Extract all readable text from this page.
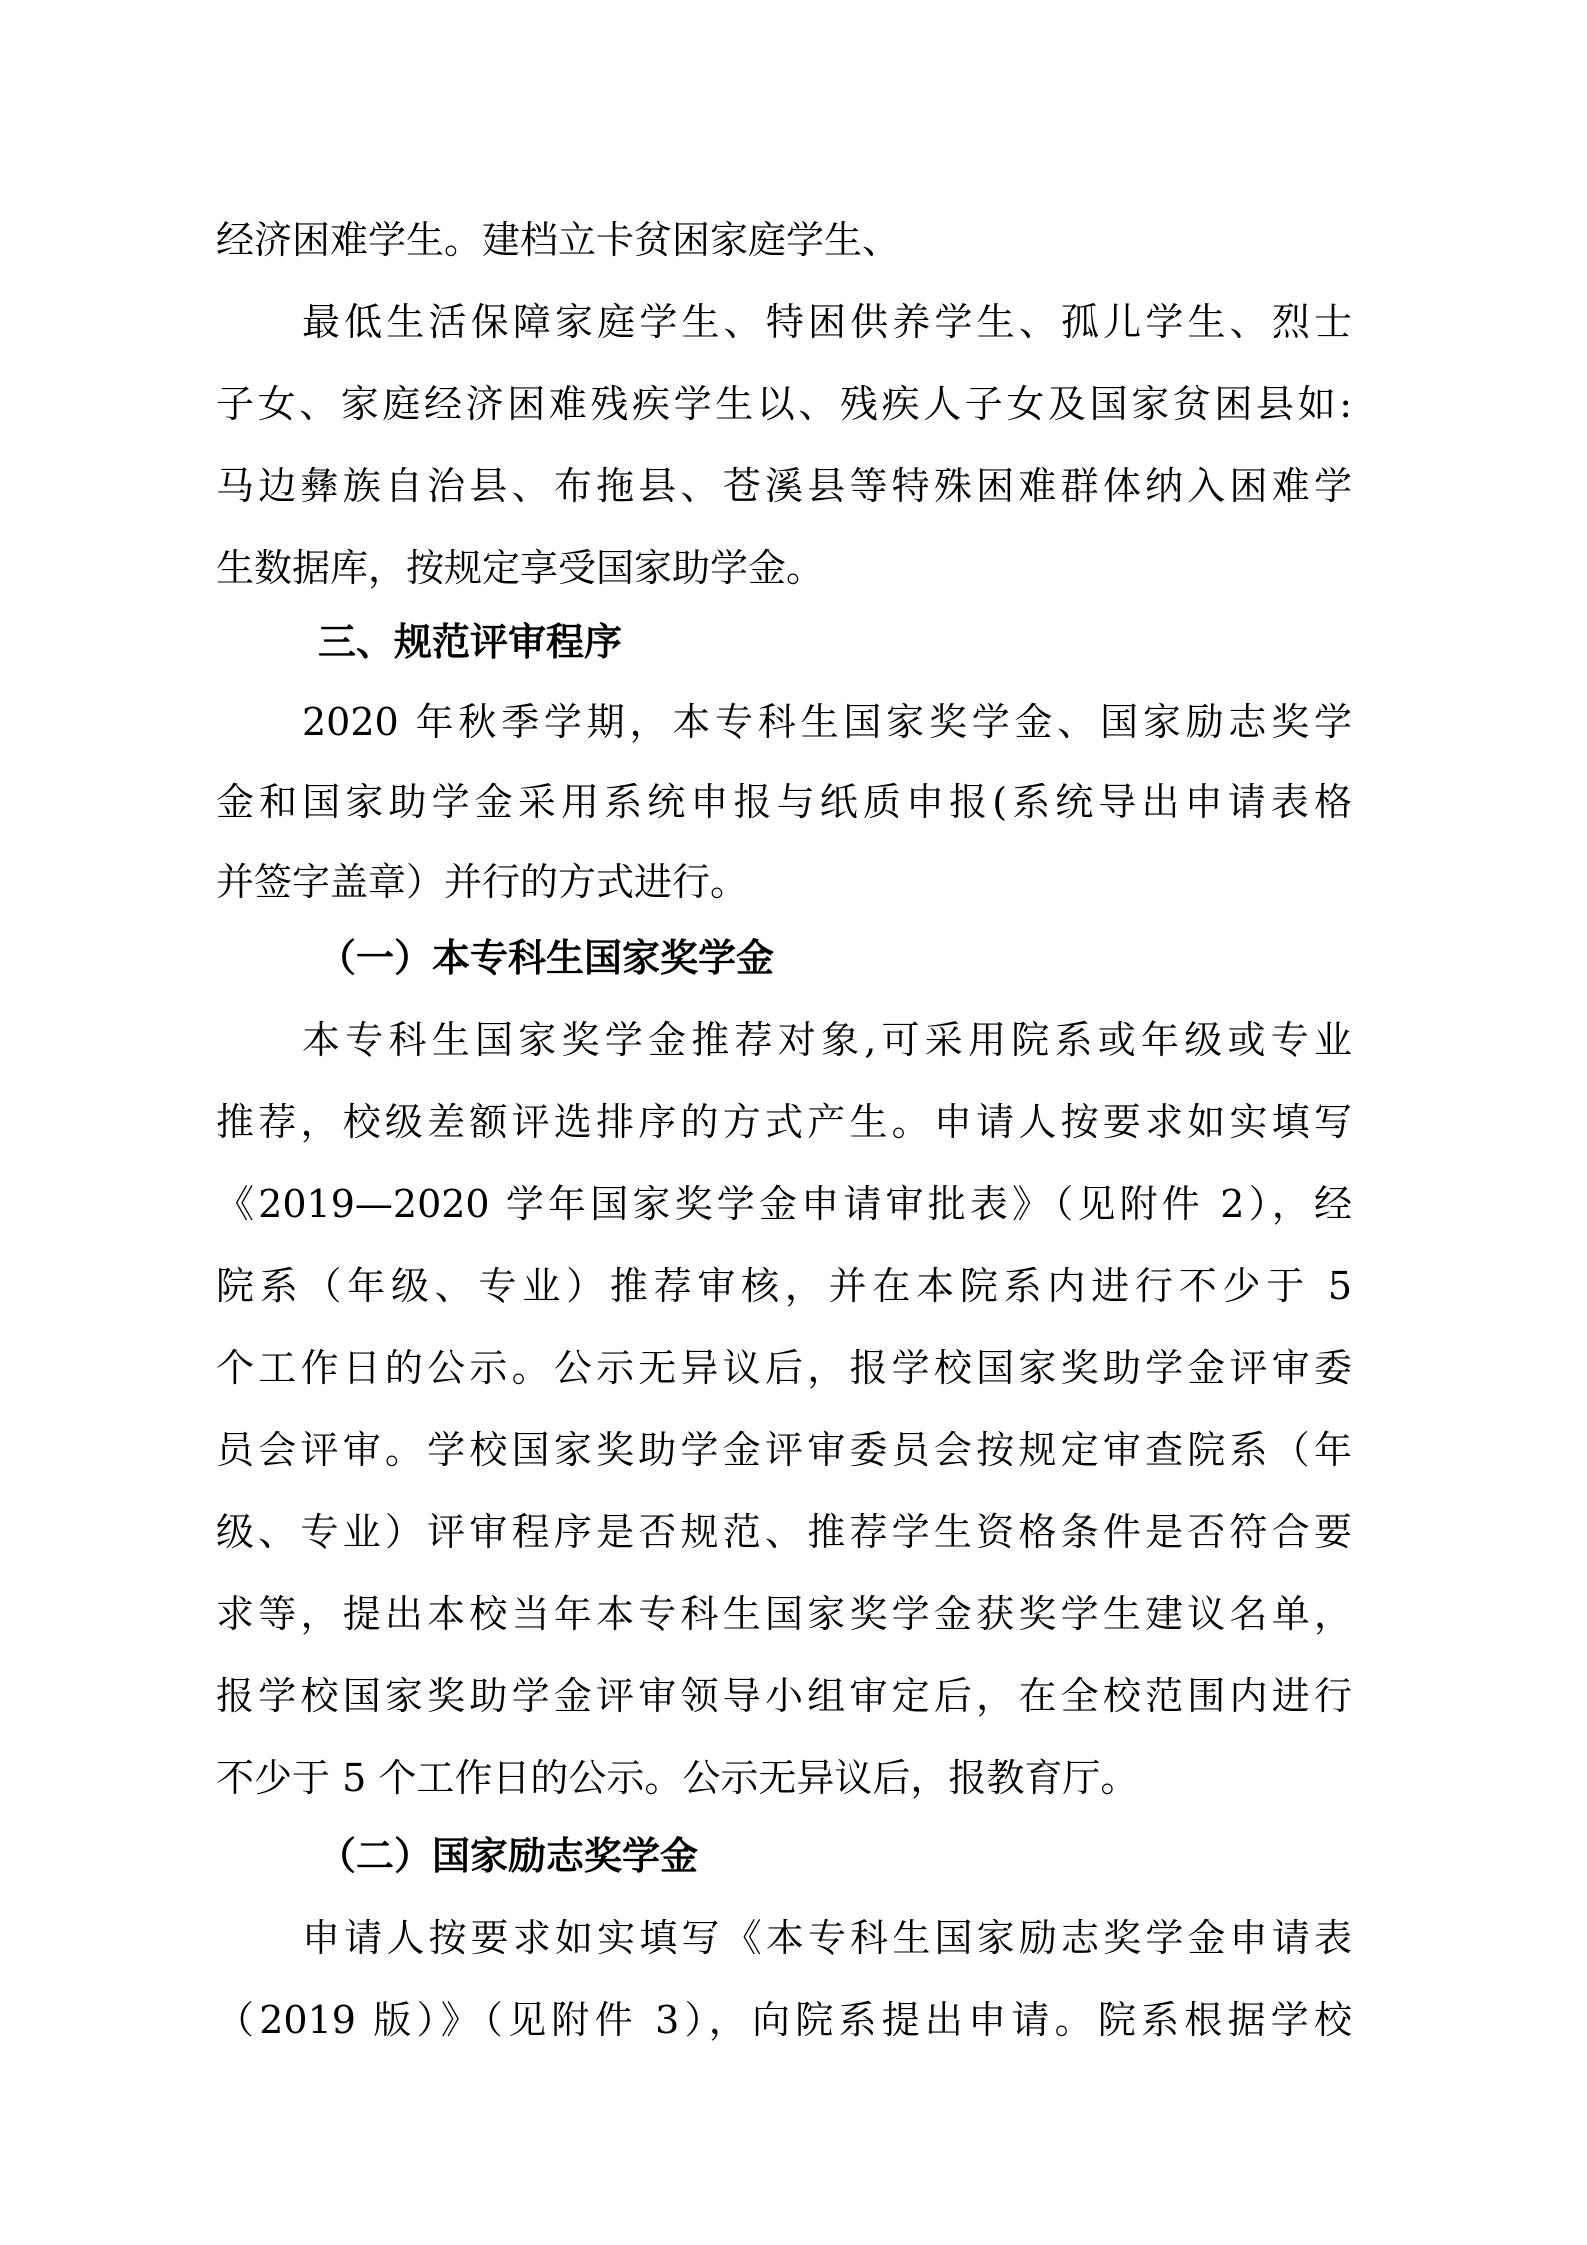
经济困难学生。建档立卡贫困家庭学生、
最低生活保障家庭学生、特困供养学生、孤儿学生、烈士
子女、家庭经济困难残疾学生以、残疾人子女及国家贫困县如:
马边彝族自治县、布拖县、苍溪县等特殊困难群体纳入困难学
生数据库，按规定享受国家助学金。
三、规范评审程序
2020 年秋季学期，本专科生国家奖学金、国家励志奖学
金和国家助学金采用系统申报与纸质申报(系统导出申请表格
并签字盖章）并行的方式进行。
（一）本专科生国家奖学金
本专科生国家奖学金推荐对象,可采用院系或年级或专业
推荐，校级差额评选排序的方式产生。申请人按要求如实填写
《2019—2020 学年国家奖学金申请审批表》（见附件 2），经
院系（年级、专业）推荐审核，并在本院系内进行不少于 5
个工作日的公示。公示无异议后，报学校国家奖助学金评审委
员会评审。学校国家奖助学金评审委员会按规定审查院系（年
级、专业）评审程序是否规范、推荐学生资格条件是否符合要
求等，提出本校当年本专科生国家奖学金获奖学生建议名单，
报学校国家奖助学金评审领导小组审定后，在全校范围内进行
不少于 5 个工作日的公示。公示无异议后，报教育厅。
（二）国家励志奖学金
申请人按要求如实填写《本专科生国家励志奖学金申请表
（2019 版）》（见附件 3），向院系提出申请。院系根据学校
